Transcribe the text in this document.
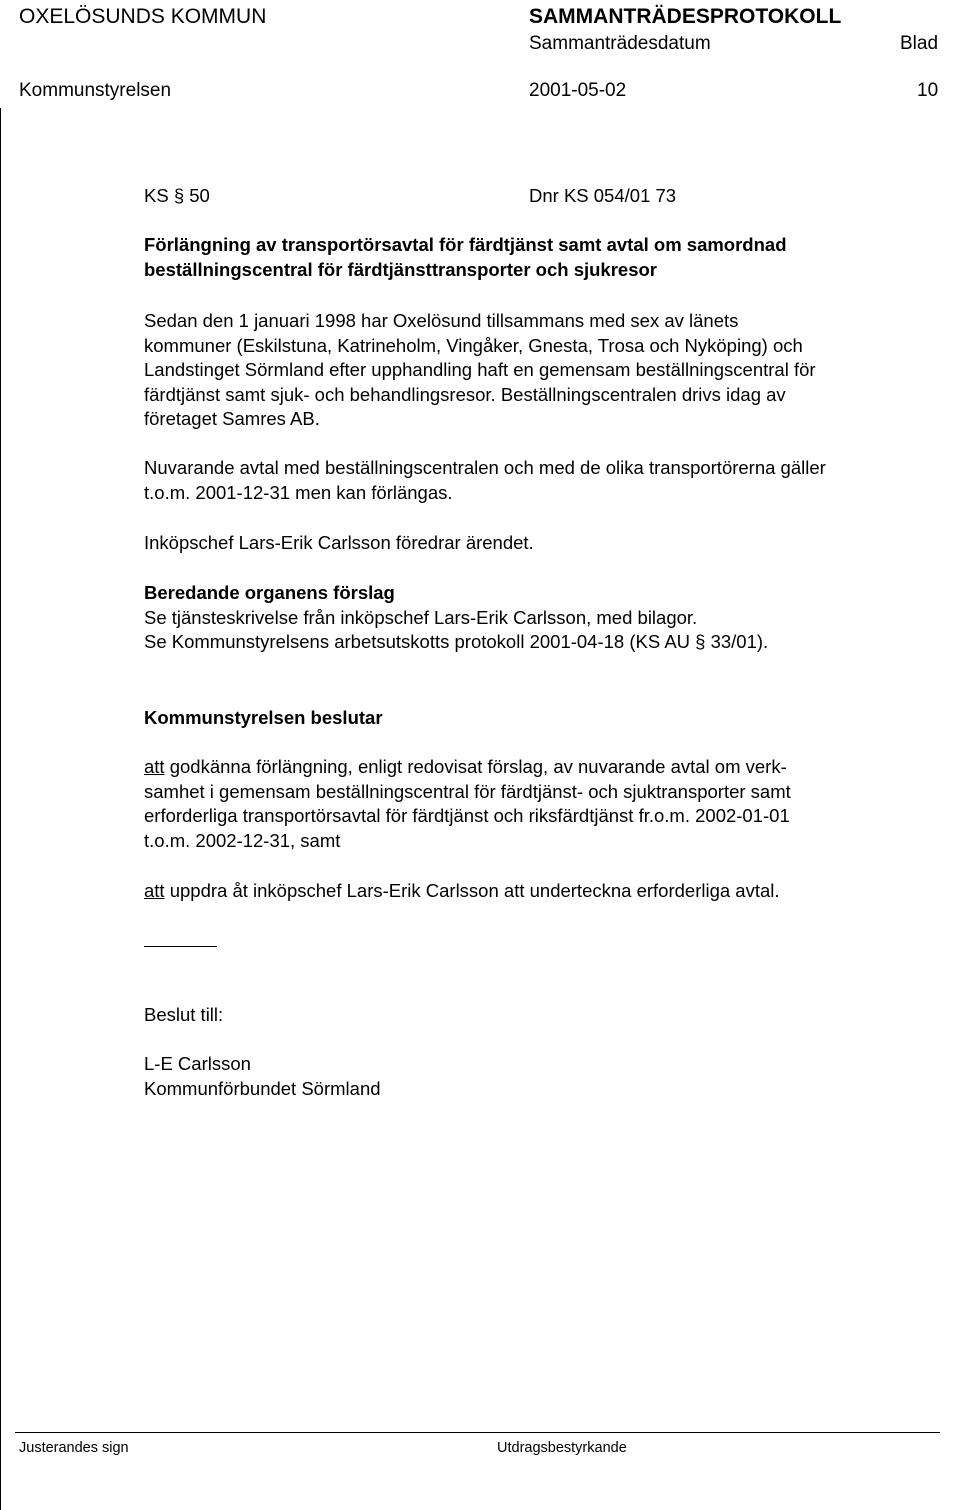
OXELÖSUNDS KOMMUN	SAMMANTRÄDESPROTOKOLL
Sammanträdesdatum	Blad
Kommunstyrelsen	2001-05-02	10
KS § 50	Dnr KS 054/01 73
Förlängning av transportörsavtal för färdtjänst samt avtal om samordnad
beställningscentral för färdtjänsttransporter och sjukresor
Sedan den 1 januari 1998 har Oxelösund tillsammans med sex av länets
kommuner (Eskilstuna, Katrineholm, Vingåker, Gnesta, Trosa och Nyköping) och
Landstinget Sörmland efter upphandling haft en gemensam beställningscentral för
färdtjänst samt sjuk- och behandlingsresor. Beställningscentralen drivs idag av
företaget Samres AB.
Nuvarande avtal med beställningscentralen och med de olika transportörerna gäller
t.o.m. 2001-12-31 men kan förlängas.
Inköpschef Lars-Erik Carlsson föredrar ärendet.
Beredande organens förslag
Se tjänsteskrivelse från inköpschef Lars-Erik Carlsson, med bilagor.
Se Kommunstyrelsens arbetsutskotts protokoll 2001-04-18 (KS AU § 33/01).
Kommunstyrelsen beslutar
att godkänna förlängning, enligt redovisat förslag, av nuvarande avtal om verk-
samhet i gemensam beställningscentral för färdtjänst- och sjuktransporter samt
erforderliga transportörsavtal för färdtjänst och riksfärdtjänst fr.o.m. 2002-01-01
t.o.m. 2002-12-31, samt
att uppdra åt inköpschef Lars-Erik Carlsson att underteckna erforderliga avtal.
Beslut till:
L-E Carlsson
Kommunförbundet Sörmland
Justerandes sign	Utdragsbestyrkande
